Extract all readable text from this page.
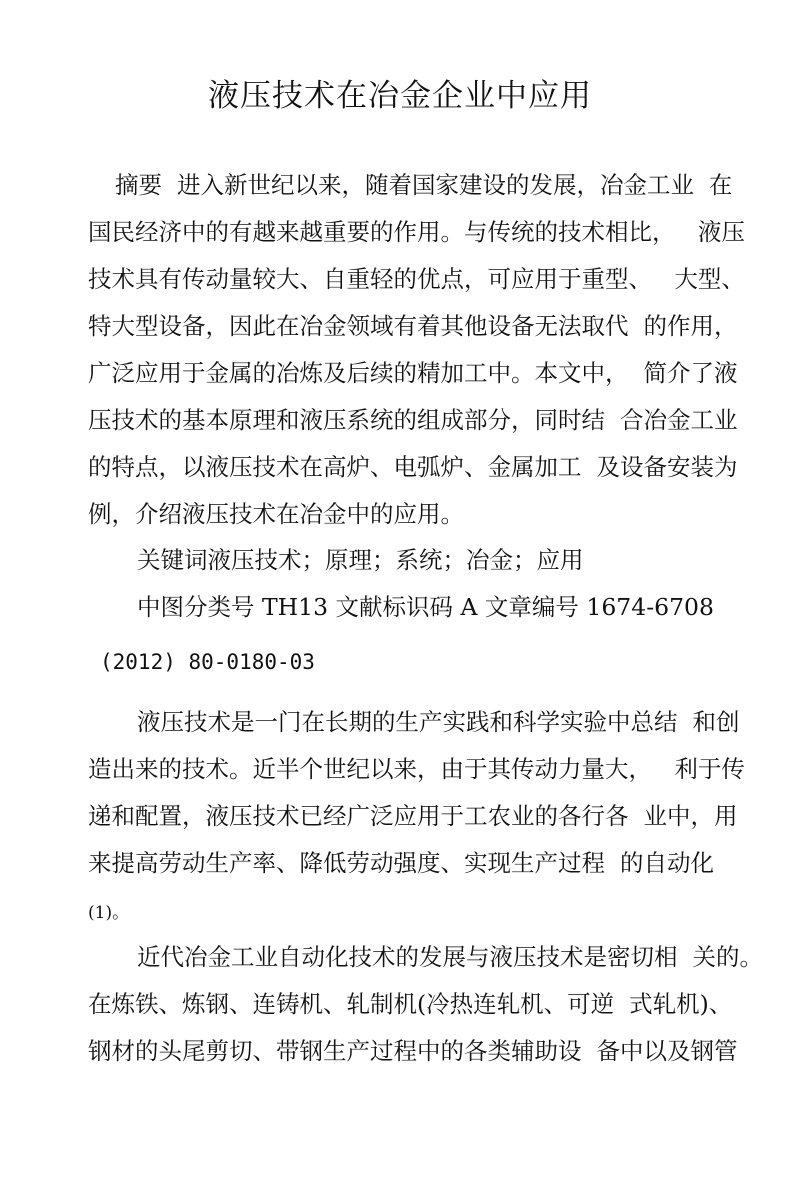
液压技术在冶金企业中应用
摘要  进入新世纪以来，随着国家建设的发展，冶金工业  在
国民经济中的有越来越重要的作用。与传统的技术相比，   液压
技术具有传动量较大、自重轻的优点，可应用于重型、   大型、
特大型设备，因此在冶金领域有着其他设备无法取代  的作用，
广泛应用于金属的冶炼及后续的精加工中。本文中，  简介了液
压技术的基本原理和液压系统的组成部分，同时结  合冶金工业
的特点，以液压技术在高炉、电弧炉、金属加工  及设备安装为
例，介绍液压技术在冶金中的应用。
关键词液压技术；原理；系统；冶金；应用
中图分类号 TH13 文献标识码 A 文章编号 1674-6708
(2012) 80-0180-03
液压技术是一门在长期的生产实践和科学实验中总结  和创
造出来的技术。近半个世纪以来，由于其传动力量大，   利于传
递和配置，液压技术已经广泛应用于工农业的各行各  业中，用
来提高劳动生产率、降低劳动强度、实现生产过程  的自动化
(1)。
近代冶金工业自动化技术的发展与液压技术是密切相  关的。
在炼铁、炼钢、连铸机、轧制机(冷热连轧机、可逆  式轧机)、
钢材的头尾剪切、带钢生产过程中的各类辅助设  备中以及钢管
